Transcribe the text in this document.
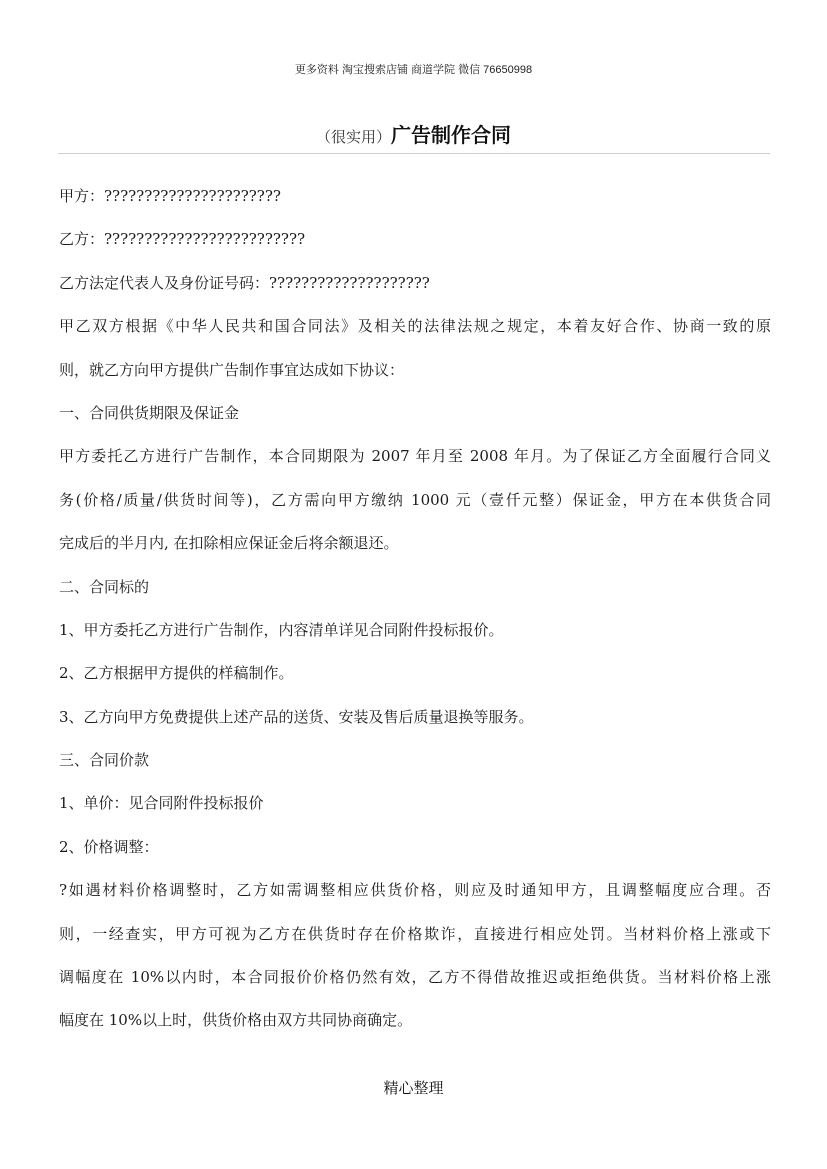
更多资料 淘宝搜索店铺 商道学院 微信 76650998
（很实用）广告制作合同

甲方：??????????????????????

乙方：?????????????????????????

乙方法定代表人及身份证号码：????????????????????

甲乙双方根据《中华人民共和国合同法》及相关的法律法规之规定，本着友好合作、协商一致的原

则，就乙方向甲方提供广告制作事宜达成如下协议：

一、合同供货期限及保证金

甲方委托乙方进行广告制作，本合同期限为 2007 年月至 2008 年月。为了保证乙方全面履行合同义

务(价格/质量/供货时间等)，乙方需向甲方缴纳 1000 元（壹仟元整）保证金，甲方在本供货合同

完成后的半月内, 在扣除相应保证金后将余额退还。

二、合同标的

1、甲方委托乙方进行广告制作，内容清单详见合同附件投标报价。

2、乙方根据甲方提供的样稿制作。

3、乙方向甲方免费提供上述产品的送货、安装及售后质量退换等服务。

三、合同价款

1、单价：见合同附件投标报价

2、价格调整：

?如遇材料价格调整时，乙方如需调整相应供货价格，则应及时通知甲方，且调整幅度应合理。否

则，一经查实，甲方可视为乙方在供货时存在价格欺诈，直接进行相应处罚。当材料价格上涨或下

调幅度在 10%以内时，本合同报价价格仍然有效，乙方不得借故推迟或拒绝供货。当材料价格上涨

幅度在 10%以上时，供货价格由双方共同协商确定。

精心整理
